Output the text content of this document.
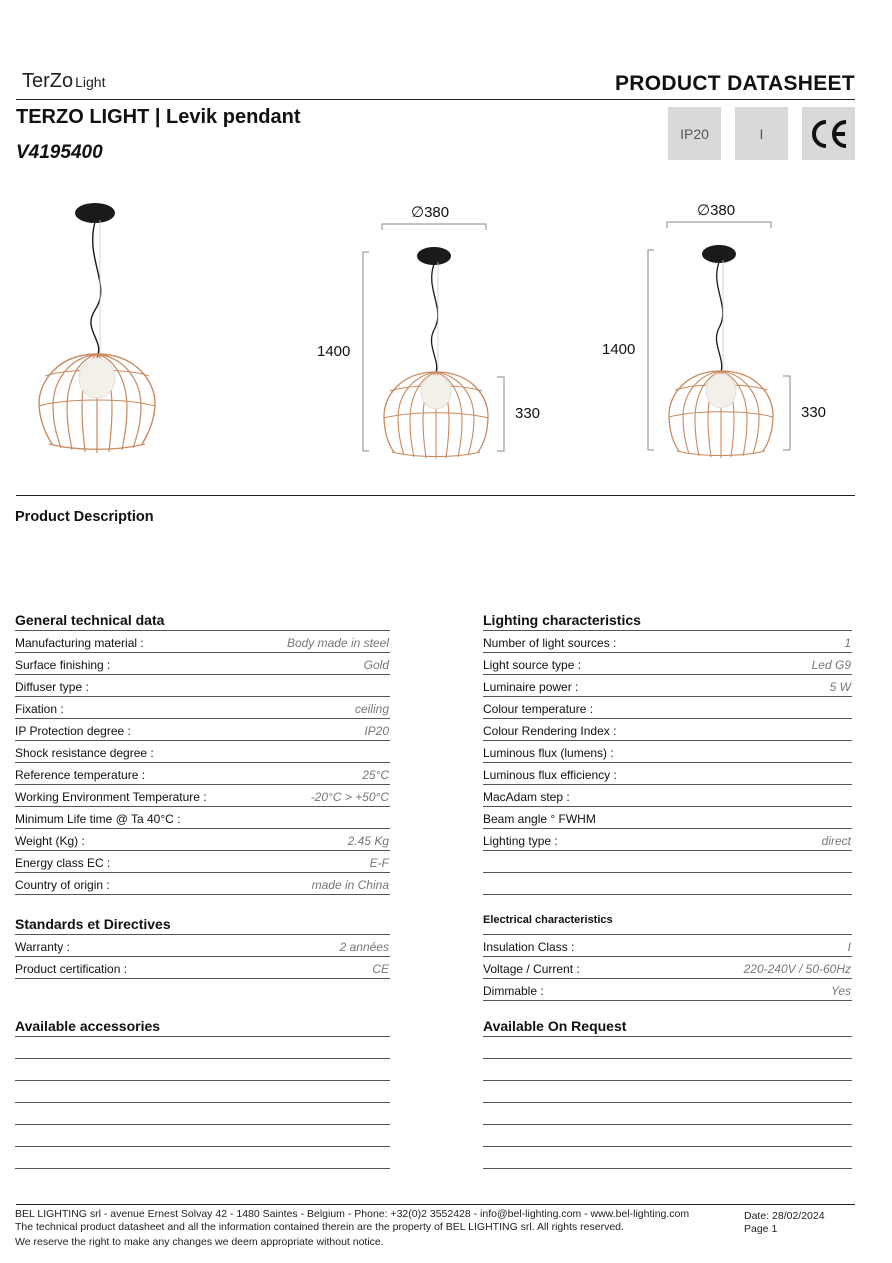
TerZo Light	PRODUCT DATASHEET
TERZO LIGHT | Levik pendant
V4195400
IP20	I
∅380
1400
330
∅380
1400
330
Product Description
General technical data
Manufacturing material :	Body made in steel
Surface finishing :	Gold
Diffuser type :
Fixation :	ceiling
IP Protection degree :	IP20
Shock resistance degree :
Reference temperature :	25°C
Working Environment Temperature :	-20°C > +50°C
Minimum Life time @ Ta 40°C :
Weight (Kg) :	2.45 Kg
Energy class EC :	E-F
Country of origin :	made in China
Standards et Directives
Warranty :	2 années
Product certification :	CE
Available accessories
Lighting characteristics
Number of light sources :	1
Light source type :	Led G9
Luminaire power :	5 W
Colour temperature :
Colour Rendering Index :
Luminous flux (lumens) :
Luminous flux efficiency :
MacAdam step :
Beam angle ° FWHM
Lighting type :	direct
Electrical characteristics
Insulation Class :	I
Voltage / Current :	220-240V / 50-60Hz
Dimmable :	Yes
Available On Request
BEL LIGHTING srl - avenue Ernest Solvay 42 - 1480 Saintes - Belgium - Phone: +32(0)2 3552428 - info@bel-lighting.com - www.bel-lighting.com
The technical product datasheet and all the information contained therein are the property of BEL LIGHTING srl. All rights reserved.
We reserve the right to make any changes we deem appropriate without notice.
Date: 28/02/2024
Page 1
